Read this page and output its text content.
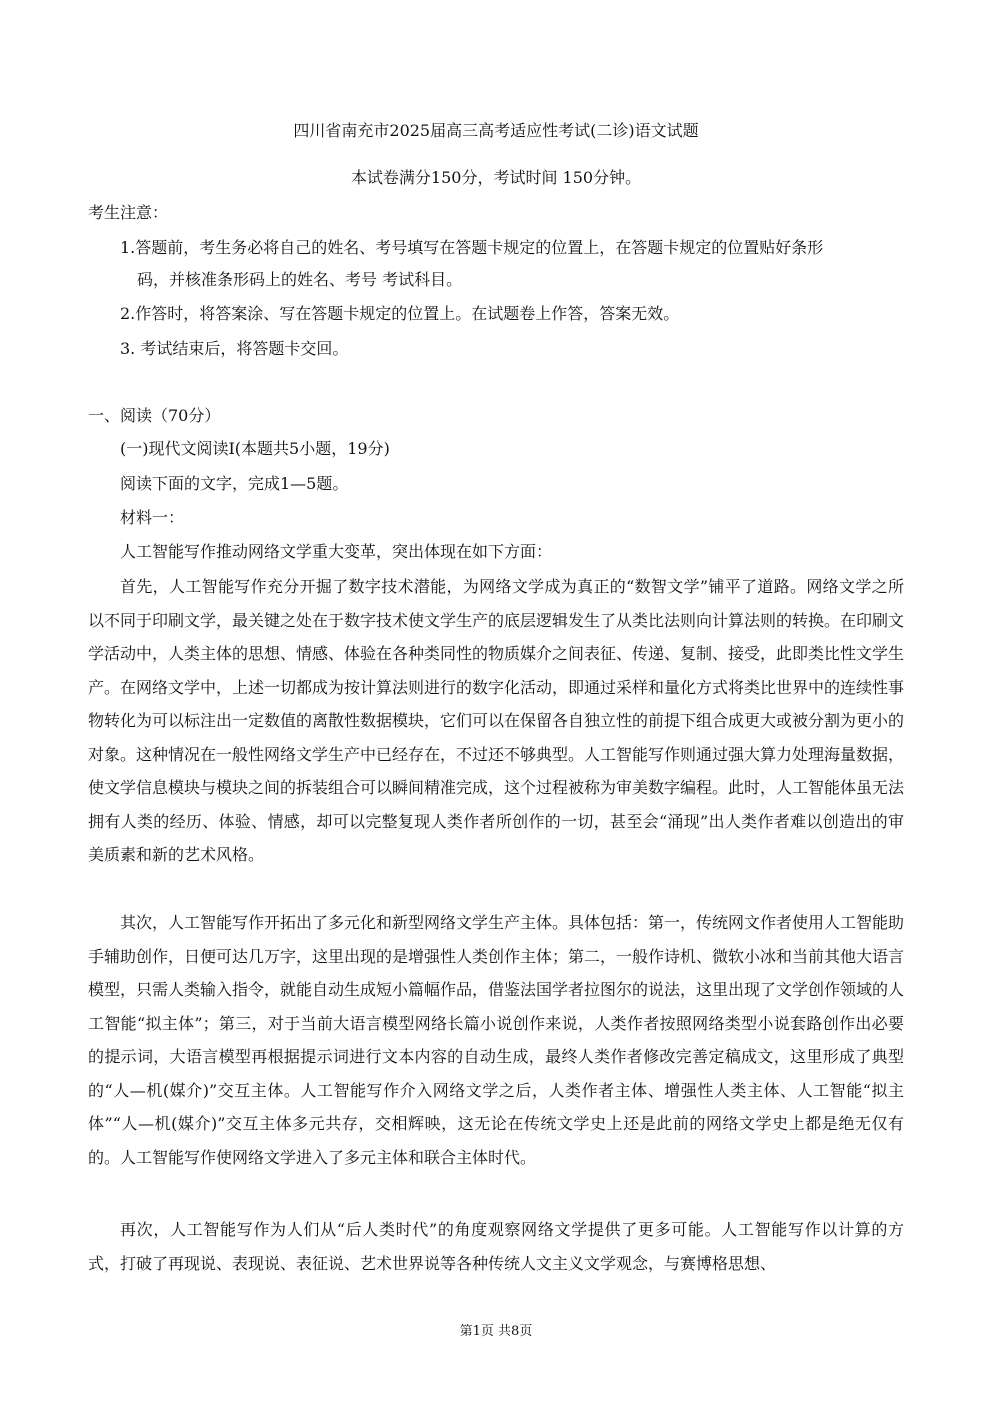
四川省南充市2025届高三高考适应性考试(二诊)语文试题
本试卷满分150分，考试时间 150分钟。
考生注意：
1.答题前，考生务必将自己的姓名、考号填写在答题卡规定的位置上，在答题卡规定的位置贴好条形
码，并核准条形码上的姓名、考号 考试科目。
2.作答时，将答案涂、写在答题卡规定的位置上。在试题卷上作答，答案无效。
3. 考试结束后，将答题卡交回。
一、阅读（70分）
(一)现代文阅读Ⅰ(本题共5小题，19分)
阅读下面的文字，完成1—5题。
材料一：
人工智能写作推动网络文学重大变革，突出体现在如下方面：
首先，人工智能写作充分开掘了数字技术潜能，为网络文学成为真正的“数智文学”铺平了道路。网络文学之所以不同于印刷文学，最关键之处在于数字技术使文学生产的底层逻辑发生了从类比法则向计算法则的转换。在印刷文学活动中，人类主体的思想、情感、体验在各种类同性的物质媒介之间表征、传递、复制、接受，此即类比性文学生产。在网络文学中，上述一切都成为按计算法则进行的数字化活动，即通过采样和量化方式将类比世界中的连续性事物转化为可以标注出一定数值的离散性数据模块，它们可以在保留各自独立性的前提下组合成更大或被分割为更小的对象。这种情况在一般性网络文学生产中已经存在，不过还不够典型。人工智能写作则通过强大算力处理海量数据，使文学信息模块与模块之间的拆装组合可以瞬间精准完成，这个过程被称为审美数字编程。此时，人工智能体虽无法拥有人类的经历、体验、情感，却可以完整复现人类作者所创作的一切，甚至会“涌现”出人类作者难以创造出的审美质素和新的艺术风格。
其次，人工智能写作开拓出了多元化和新型网络文学生产主体。具体包括：第一，传统网文作者使用人工智能助手辅助创作，日便可达几万字，这里出现的是增强性人类创作主体；第二，一般作诗机、微软小冰和当前其他大语言模型，只需人类输入指令，就能自动生成短小篇幅作品，借鉴法国学者拉图尔的说法，这里出现了文学创作领域的人工智能“拟主体”；第三，对于当前大语言模型网络长篇小说创作来说，人类作者按照网络类型小说套路创作出必要的提示词，大语言模型再根据提示词进行文本内容的自动生成，最终人类作者修改完善定稿成文，这里形成了典型的“人—机(媒介)”交互主体。人工智能写作介入网络文学之后，人类作者主体、增强性人类主体、人工智能“拟主体”“人—机(媒介)”交互主体多元共存，交相辉映，这无论在传统文学史上还是此前的网络文学史上都是绝无仅有的。人工智能写作使网络文学进入了多元主体和联合主体时代。
再次，人工智能写作为人们从“后人类时代”的角度观察网络文学提供了更多可能。人工智能写作以计算的方式，打破了再现说、表现说、表征说、艺术世界说等各种传统人文主义文学观念，与赛博格思想、
第1页 共8页
